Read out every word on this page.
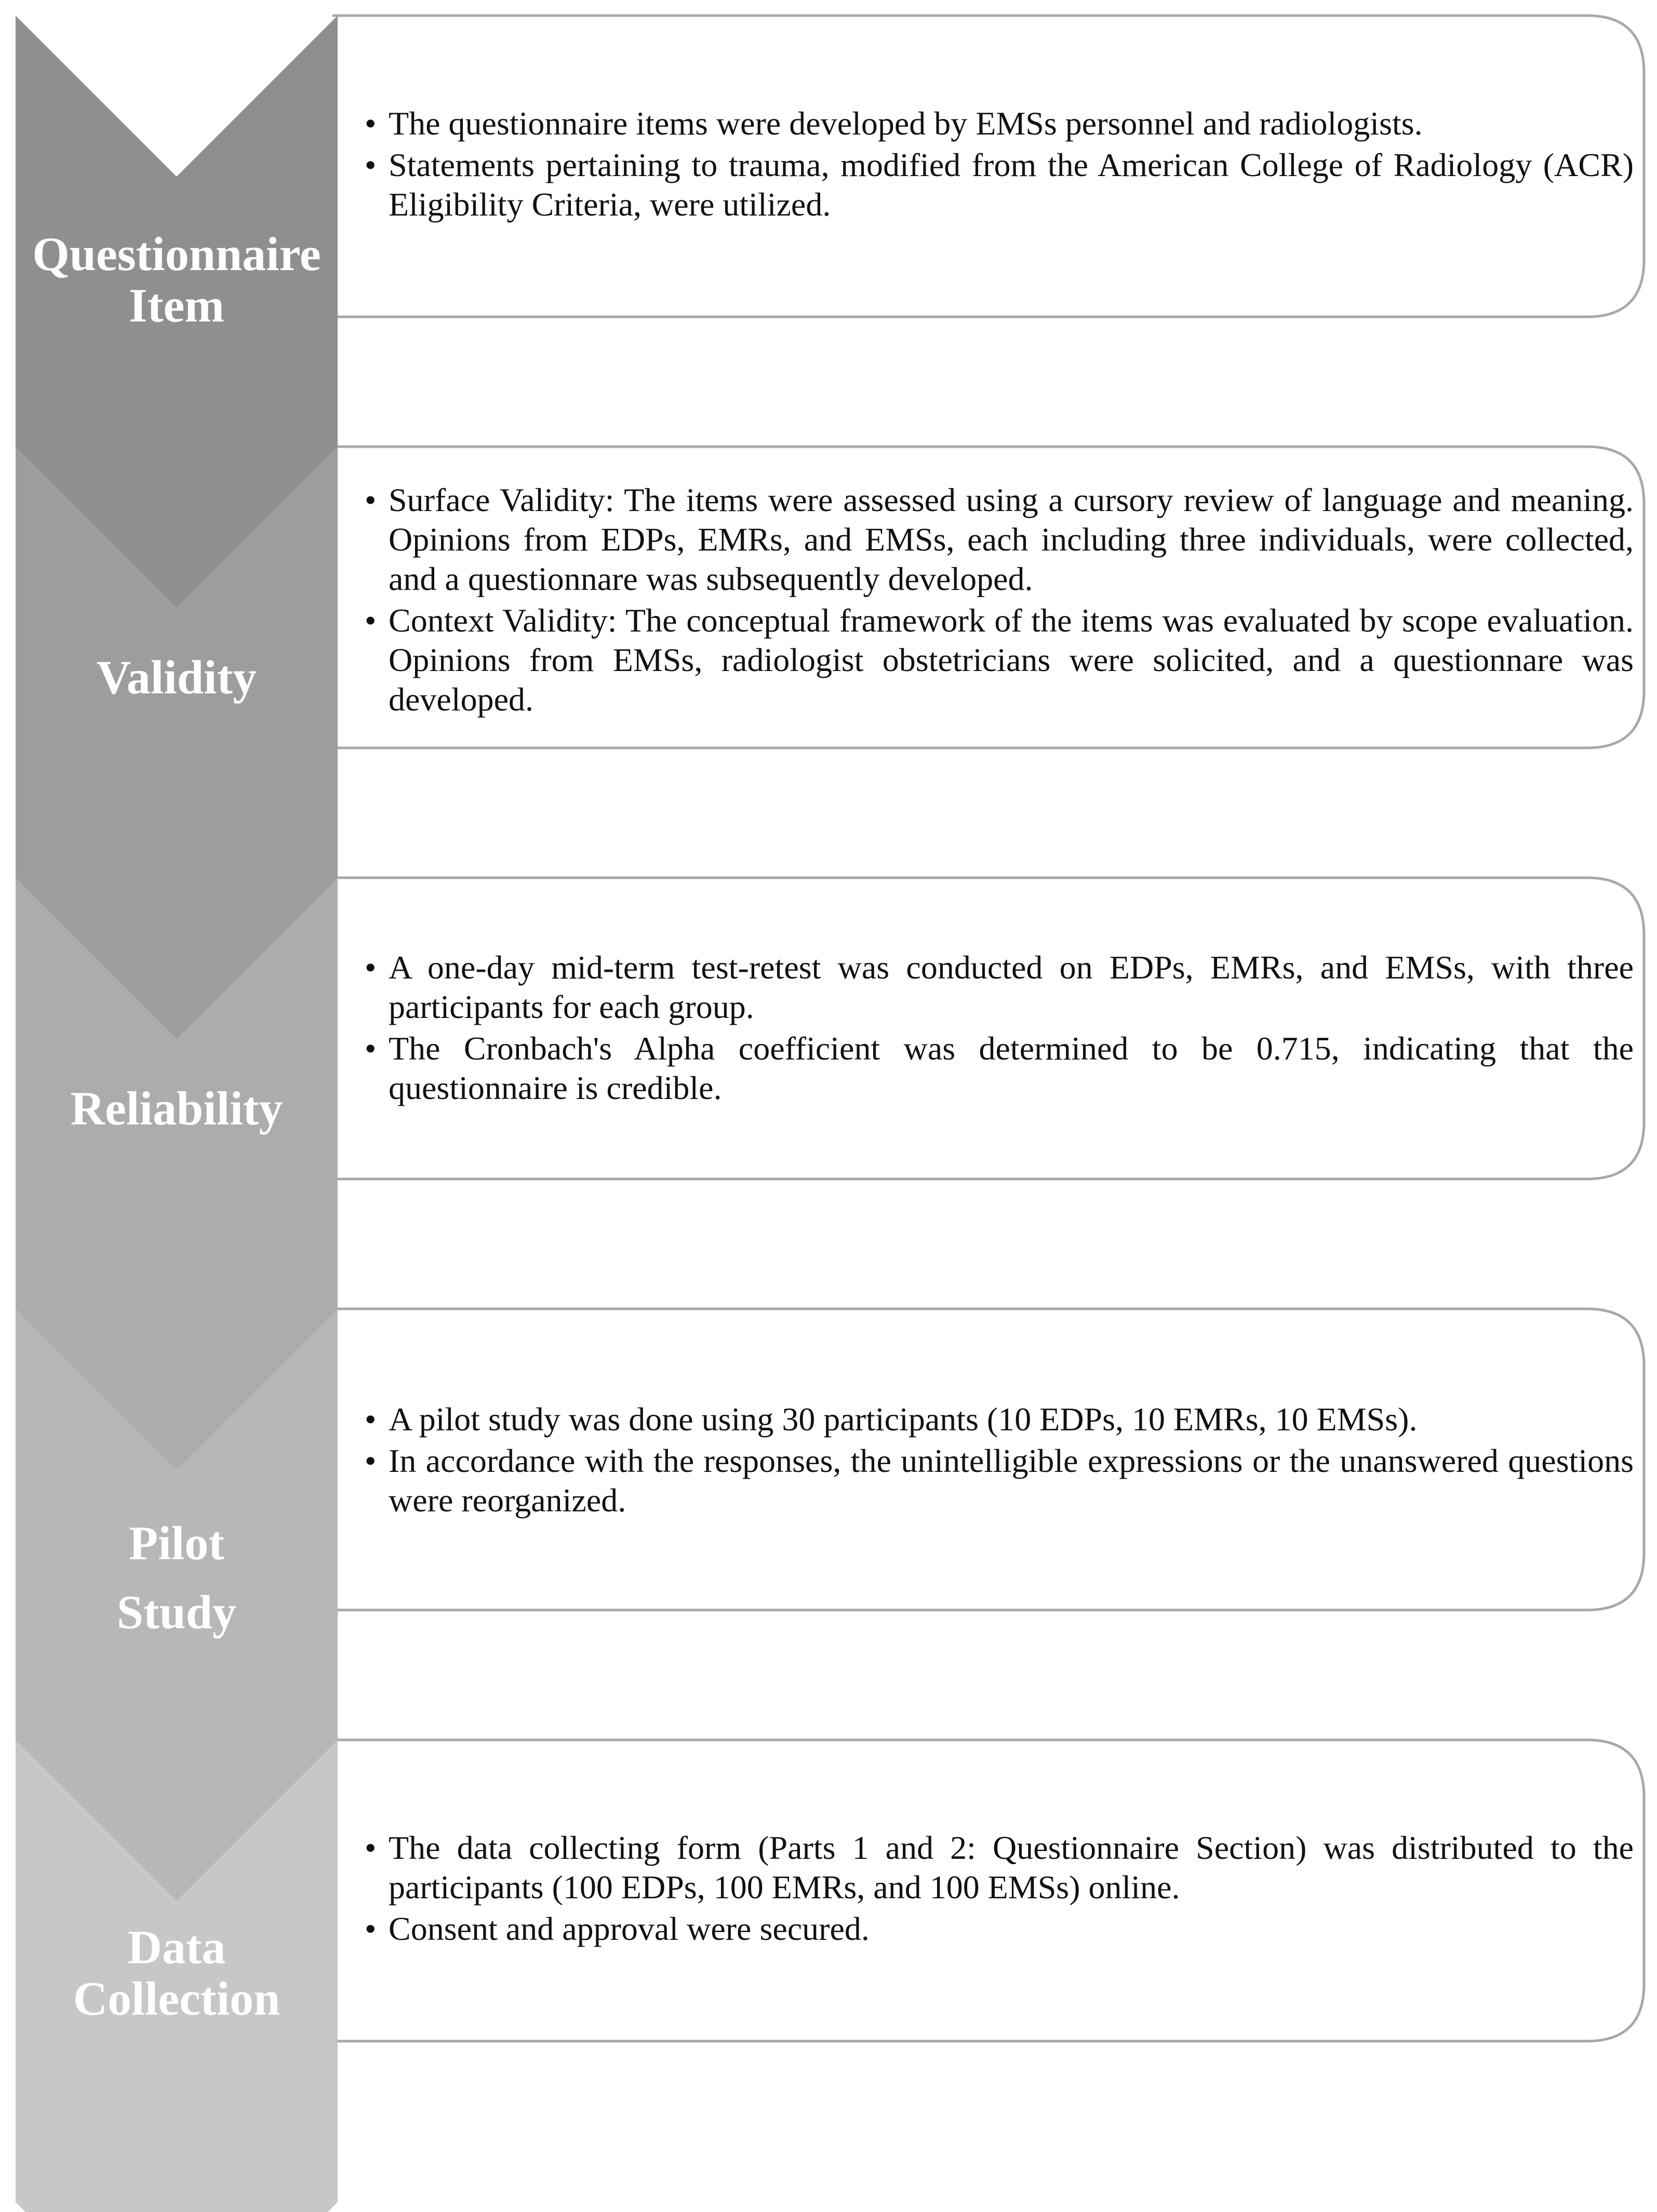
Questionnaire
Item
• The questionnaire items were developed by EMSs personnel and radiologists.
• Statements pertaining to trauma, modified from the American College of Radiology (ACR) Eligibility Criteria, were utilized.
Validity
• Surface Validity: The items were assessed using a cursory review of language and meaning. Opinions from EDPs, EMRs, and EMSs, each including three individuals, were collected, and a questionnare was subsequently developed.
• Context Validity: The conceptual framework of the items was evaluated by scope evaluation. Opinions from EMSs, radiologist obstetricians were solicited, and a questionnare was developed.
Reliability
• A one-day mid-term test-retest was conducted on EDPs, EMRs, and EMSs, with three participants for each group.
• The Cronbach's Alpha coefficient was determined to be 0.715, indicating that the questionnaire is credible.
Pilot
Study
• A pilot study was done using 30 participants (10 EDPs, 10 EMRs, 10 EMSs).
• In accordance with the responses, the unintelligible expressions or the unanswered questions were reorganized.
Data
Collection
• The data collecting form (Parts 1 and 2: Questionnaire Section) was distributed to the participants (100 EDPs, 100 EMRs, and 100 EMSs) online.
• Consent and approval were secured.
